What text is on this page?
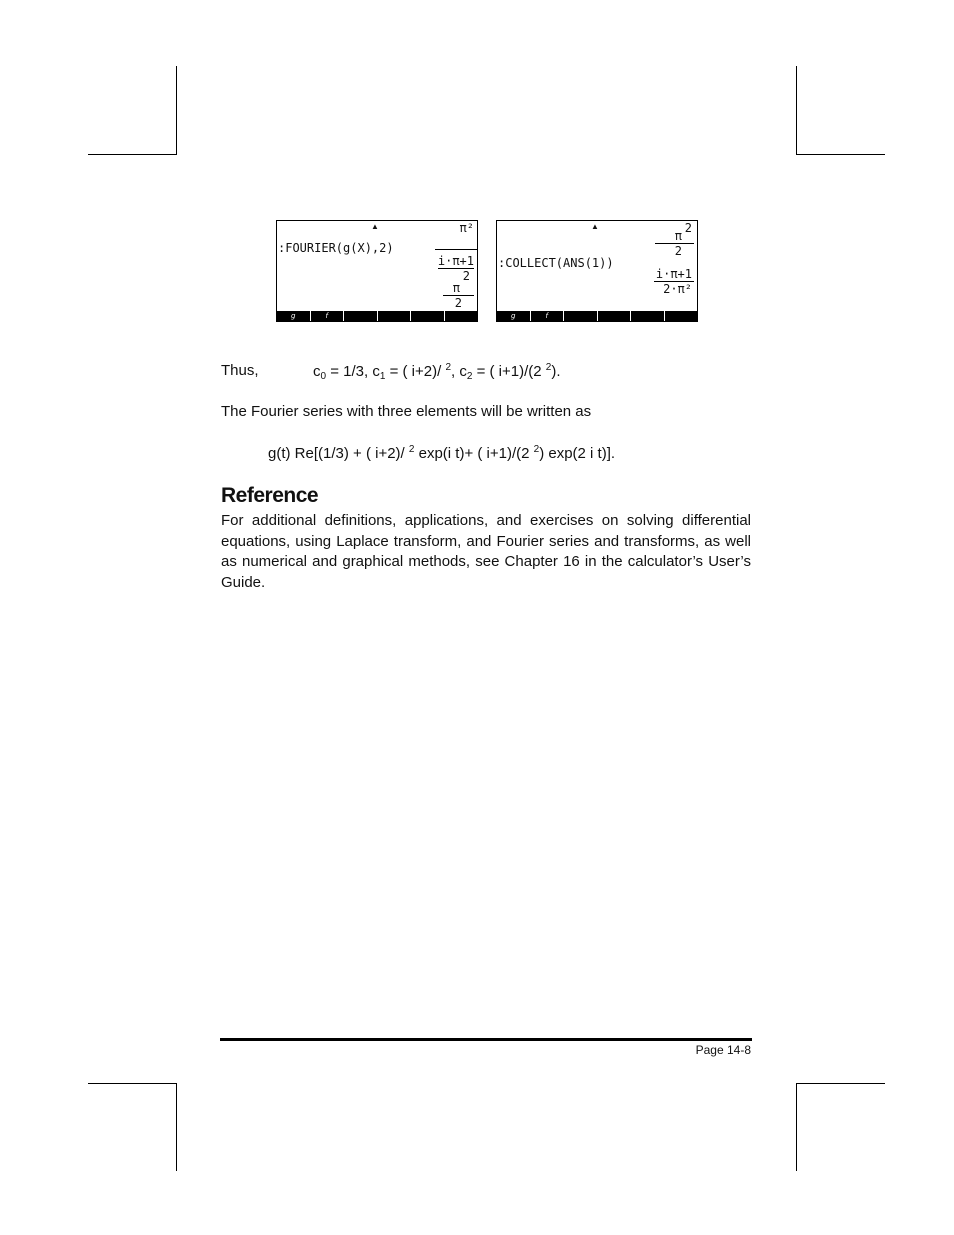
▲
:FOURIER(g(X),2)
π²
$\frac{i\cdot\pi+1}{2}$
$\frac{\pi}{2}$
g	f
▲
:COLLECT(ANS(1))
2
π
2
$\frac{i\cdot\pi+1}{\text{2·π²}}$
g	f
Thus,	$c_0 = 1/3$, $c_1$ = ( i+2)/ $^2$, $c_2$ = ( i+1)/(2 $^2$).
The Fourier series with three elements will be written as
g(t) Re[(1/3) + ( i+2)/ $^2$ exp(i t)+ ( i+1)/(2 $^2$) exp(2 i t)].
Reference

For additional definitions, applications, and exercises on solving differential equations, using Laplace transform, and Fourier series and transforms, as well as numerical and graphical methods, see Chapter 16 in the calculator’s User’s Guide.

Page 14-8
